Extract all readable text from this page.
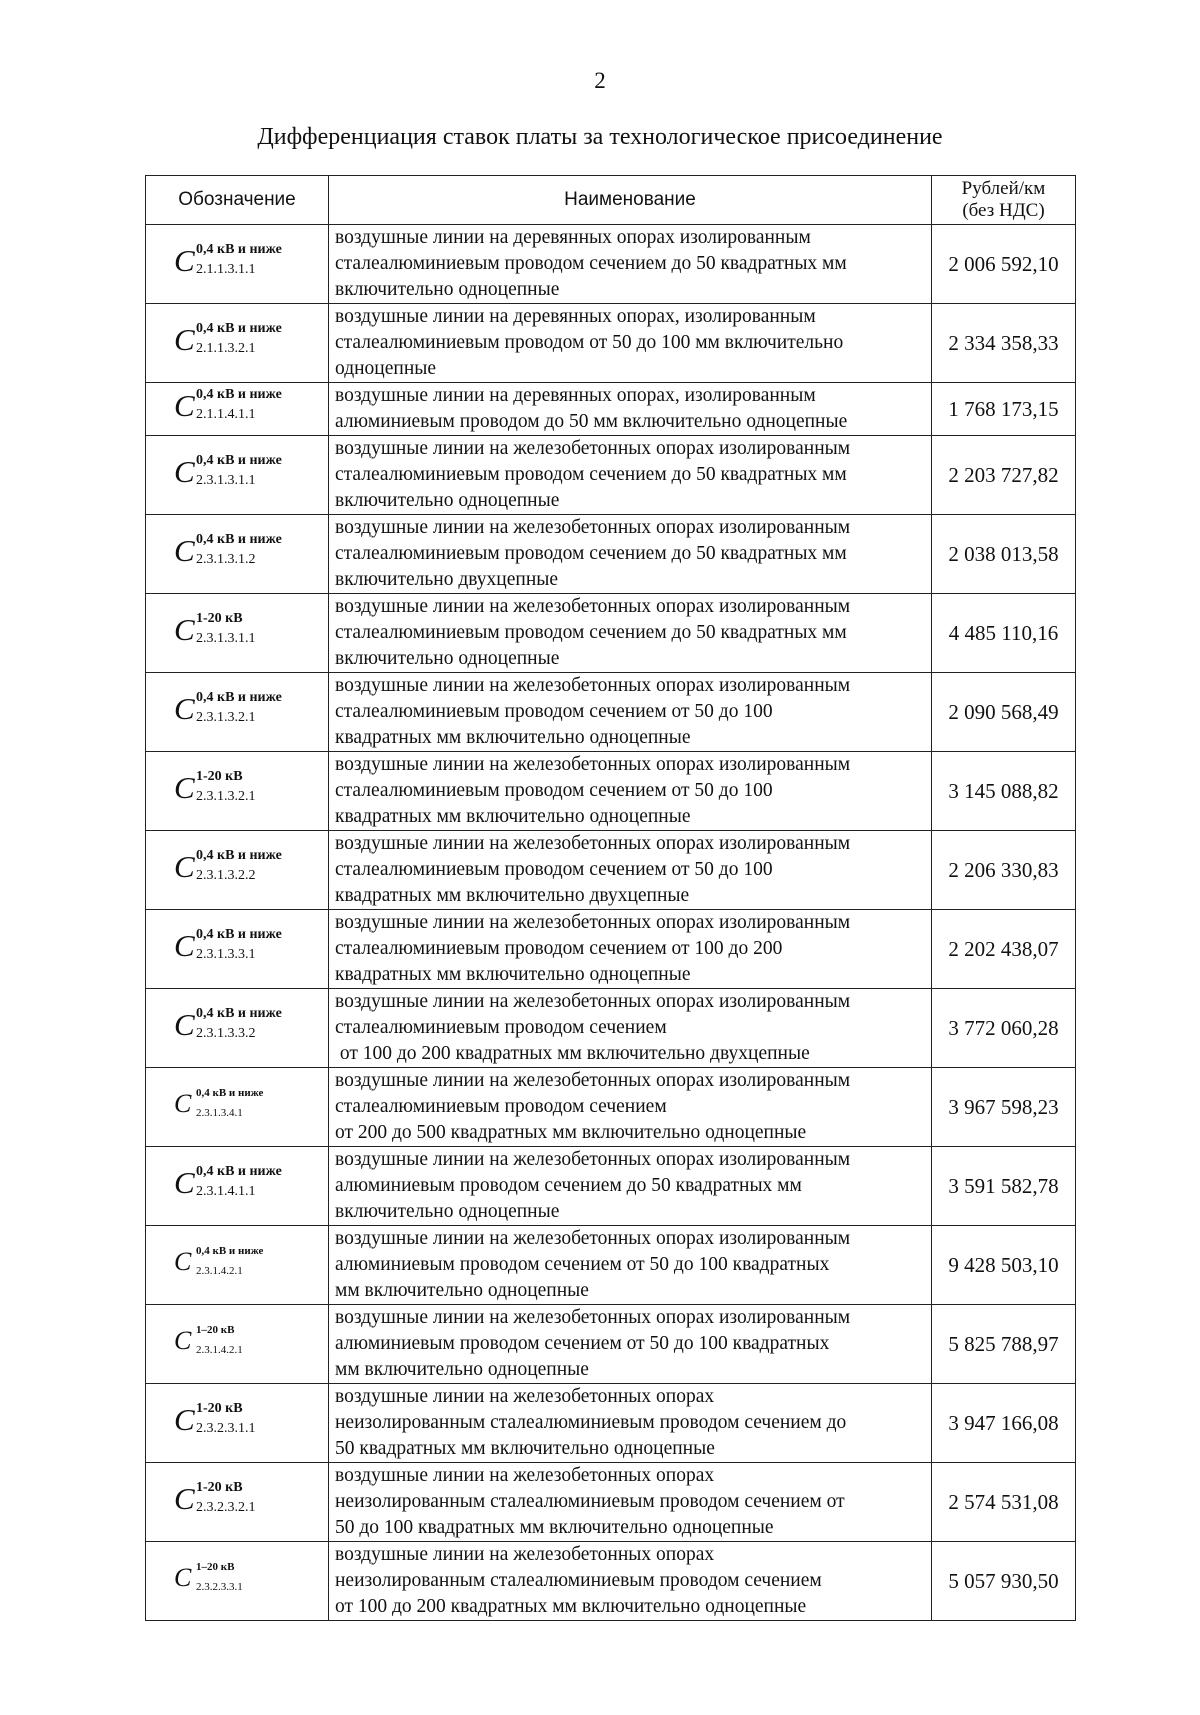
2
Дифференциация ставок платы за технологическое присоединение
Обозначение	Наименование	Рублей/км
(без НДС)

C 0,4 кВ и ниже
2.1.1.3.1.1	воздушные линии на деревянных опорах изолированным
сталеалюминиевым проводом сечением до 50 квадратных мм
включительно одноцепные	2 006 592,10

C 0,4 кВ и ниже
2.1.1.3.2.1	воздушные линии на деревянных опорах, изолированным
сталеалюминиевым проводом от 50 до 100 мм включительно
одноцепные	2 334 358,33

C 0,4 кВ и ниже
2.1.1.4.1.1	воздушные линии на деревянных опорах, изолированным
алюминиевым проводом до 50 мм включительно одноцепные	1 768 173,15

C 0,4 кВ и ниже
2.3.1.3.1.1	воздушные линии на железобетонных опорах изолированным
сталеалюминиевым проводом сечением до 50 квадратных мм
включительно одноцепные	2 203 727,82

C 0,4 кВ и ниже
2.3.1.3.1.2	воздушные линии на железобетонных опорах изолированным
сталеалюминиевым проводом сечением до 50 квадратных мм
включительно двухцепные	2 038 013,58

C 1-20 кВ
2.3.1.3.1.1	воздушные линии на железобетонных опорах изолированным
сталеалюминиевым проводом сечением до 50 квадратных мм
включительно одноцепные	4 485 110,16

C 0,4 кВ и ниже
2.3.1.3.2.1	воздушные линии на железобетонных опорах изолированным
сталеалюминиевым проводом сечением от 50 до 100
квадратных мм включительно одноцепные	2 090 568,49

C 1-20 кВ
2.3.1.3.2.1	воздушные линии на железобетонных опорах изолированным
сталеалюминиевым проводом сечением от 50 до 100
квадратных мм включительно одноцепные	3 145 088,82

C 0,4 кВ и ниже
2.3.1.3.2.2	воздушные линии на железобетонных опорах изолированным
сталеалюминиевым проводом сечением от 50 до 100
квадратных мм включительно двухцепные	2 206 330,83

C 0,4 кВ и ниже
2.3.1.3.3.1	воздушные линии на железобетонных опорах изолированным
сталеалюминиевым проводом сечением от 100 до 200
квадратных мм включительно одноцепные	2 202 438,07

C 0,4 кВ и ниже
2.3.1.3.3.2	воздушные линии на железобетонных опорах изолированным
сталеалюминиевым проводом сечением
от 100 до 200 квадратных мм включительно двухцепные	3 772 060,28

C 0,4 кВ и ниже
2.3.1.3.4.1	воздушные линии на железобетонных опорах изолированным
сталеалюминиевым проводом сечением
от 200 до 500 квадратных мм включительно одноцепные	3 967 598,23

C 0,4 кВ и ниже
2.3.1.4.1.1	воздушные линии на железобетонных опорах изолированным
алюминиевым проводом сечением до 50 квадратных мм
включительно одноцепные	3 591 582,78

C 0,4 кВ и ниже
2.3.1.4.2.1	воздушные линии на железобетонных опорах изолированным
алюминиевым проводом сечением от 50 до 100 квадратных
мм включительно одноцепные	9 428 503,10

C 1–20 кВ
2.3.1.4.2.1	воздушные линии на железобетонных опорах изолированным
алюминиевым проводом сечением от 50 до 100 квадратных
мм включительно одноцепные	5 825 788,97

C 1-20 кВ
2.3.2.3.1.1	воздушные линии на железобетонных опорах
неизолированным сталеалюминиевым проводом сечением до
50 квадратных мм включительно одноцепные	3 947 166,08

C 1-20 кВ
2.3.2.3.2.1	воздушные линии на железобетонных опорах
неизолированным сталеалюминиевым проводом сечением от
50 до 100 квадратных мм включительно одноцепные	2 574 531,08

C 1–20 кВ
2.3.2.3.3.1	воздушные линии на железобетонных опорах
неизолированным сталеалюминиевым проводом сечением
от 100 до 200 квадратных мм включительно одноцепные	5 057 930,50
